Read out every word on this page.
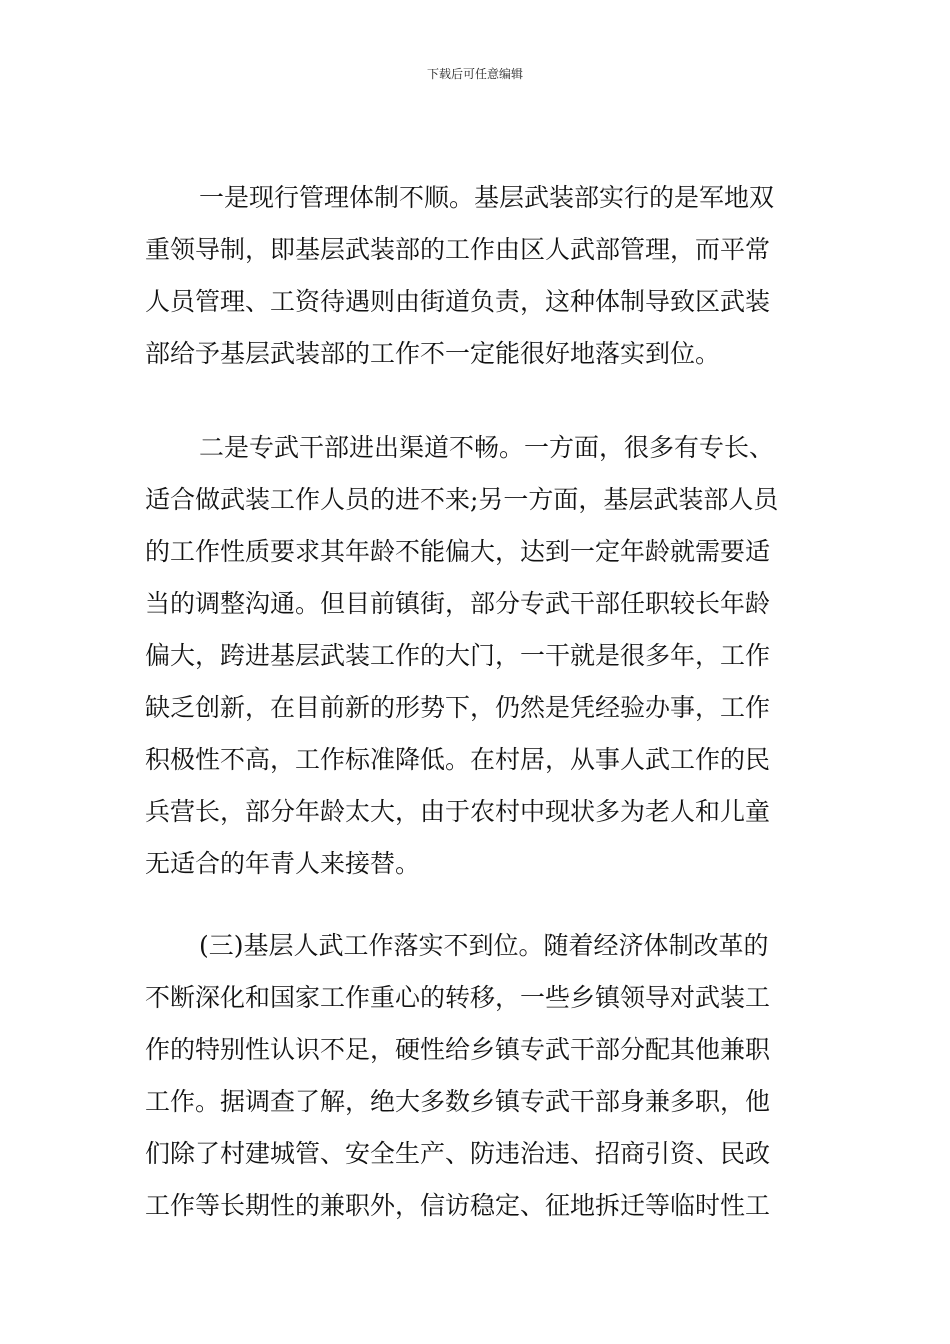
下载后可任意编辑
一是现行管理体制不顺。基层武装部实行的是军地双
重领导制，即基层武装部的工作由区人武部管理，而平常
人员管理、工资待遇则由街道负责，这种体制导致区武装
部给予基层武装部的工作不一定能很好地落实到位。
二是专武干部进出渠道不畅。一方面，很多有专长、
适合做武装工作人员的进不来;另一方面，基层武装部人员
的工作性质要求其年龄不能偏大，达到一定年龄就需要适
当的调整沟通。但目前镇街，部分专武干部任职较长年龄
偏大，跨进基层武装工作的大门，一干就是很多年，工作
缺乏创新，在目前新的形势下，仍然是凭经验办事，工作
积极性不高，工作标准降低。在村居，从事人武工作的民
兵营长，部分年龄太大，由于农村中现状多为老人和儿童
无适合的年青人来接替。
(三)基层人武工作落实不到位。随着经济体制改革的
不断深化和国家工作重心的转移，一些乡镇领导对武装工
作的特别性认识不足，硬性给乡镇专武干部分配其他兼职
工作。据调查了解，绝大多数乡镇专武干部身兼多职，他
们除了村建城管、安全生产、防违治违、招商引资、民政
工作等长期性的兼职外，信访稳定、征地拆迁等临时性工
